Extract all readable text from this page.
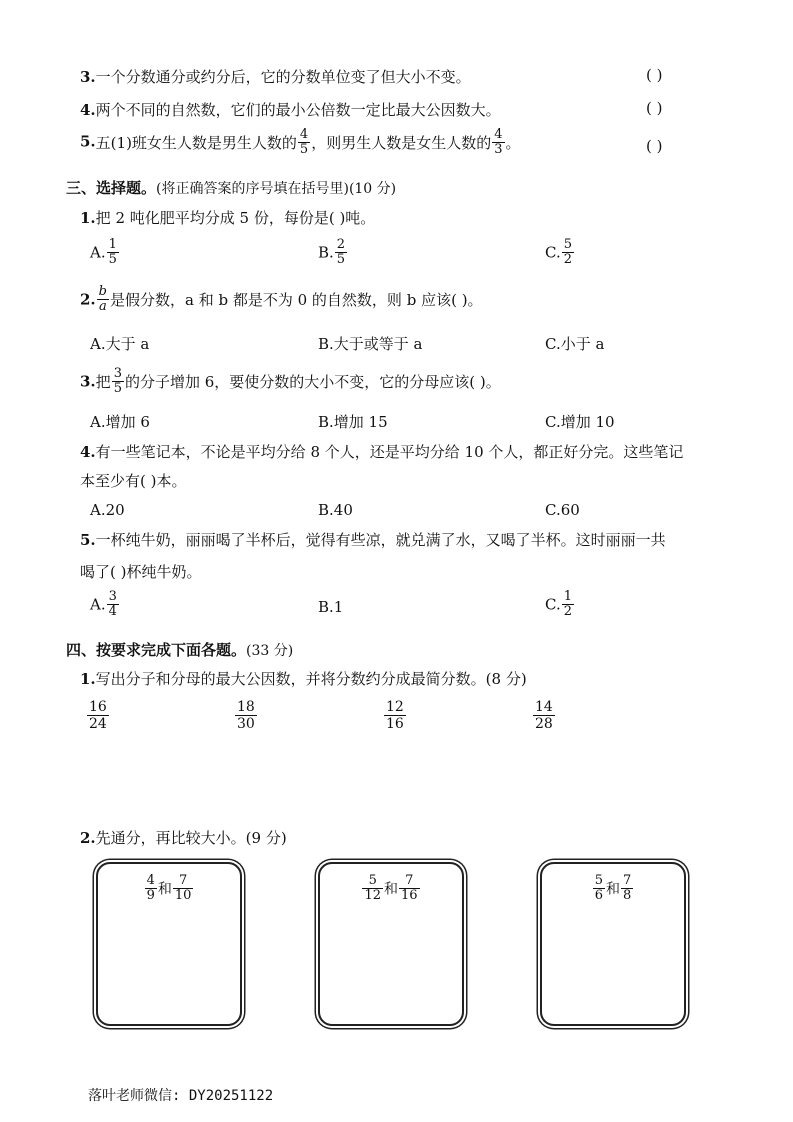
3.一个分数通分或约分后，它的分数单位变了但大小不变。	( )
4.两个不同的自然数，它们的最小公倍数一定比最大公因数大。	( )
5.五(1)班女生人数是男生人数的 $\frac{4}{5}$ ，则男生人数是女生人数的 $\frac{4}{3}$ 。	( )
三、选择题。(将正确答案的序号填在括号里)(10 分)
1.把 2 吨化肥平均分成 5 份，每份是( )吨。
A. $\frac{1}{5}$	B. $\frac{2}{5}$	C. $\frac{5}{2}$
2. $\frac{b}{a}$ 是假分数，a 和 b 都是不为 0 的自然数，则 b 应该( )。
A.大于 a	B.大于或等于 a	C.小于 a
3.把 $\frac{3}{5}$ 的分子增加 6，要使分数的大小不变，它的分母应该( )。
A.增加 6	B.增加 15	C.增加 10
4.有一些笔记本，不论是平均分给 8 个人，还是平均分给 10 个人，都正好分完。这些笔记
本至少有( )本。
A.20	B.40	C.60
5.一杯纯牛奶，丽丽喝了半杯后，觉得有些凉，就兑满了水，又喝了半杯。这时丽丽一共
喝了( )杯纯牛奶。
A. $\frac{3}{4}$	B.1	C. $\frac{1}{2}$
四、按要求完成下面各题。(33 分)
1.写出分子和分母的最大公因数，并将分数约分成最简分数。(8 分)
$\frac{16}{24}$	$\frac{18}{30}$	$\frac{12}{16}$	$\frac{14}{28}$
2.先通分，再比较大小。(9 分)
$\frac{4}{9}$ 和 $\frac{7}{10}$	$\frac{5}{12}$ 和 $\frac{7}{16}$	$\frac{5}{6}$ 和 $\frac{7}{8}$
落叶老师微信: DY20251122
